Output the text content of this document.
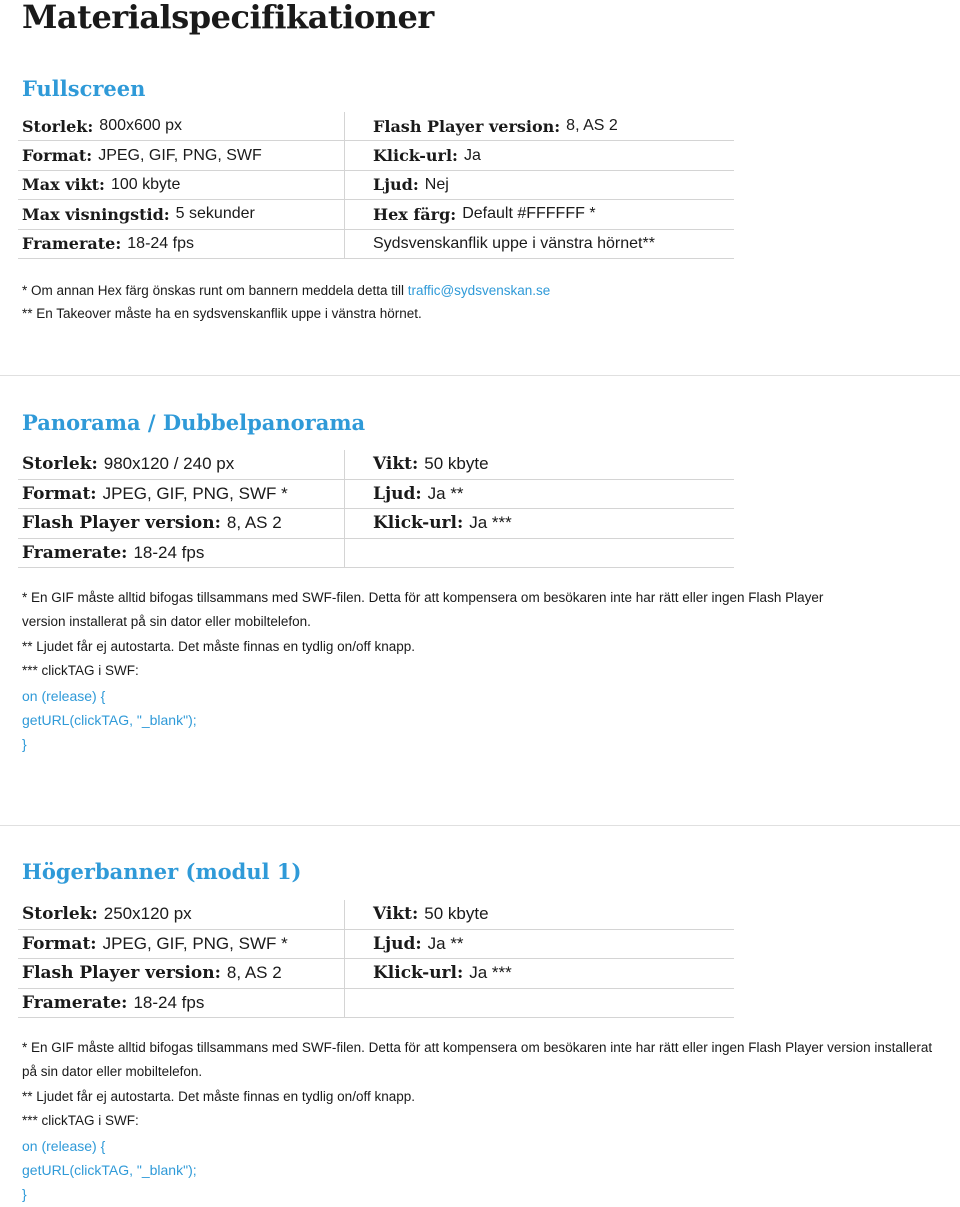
Materialspecifikationer
Fullscreen
Storlek: 800x600 px	Flash Player version: 8, AS 2
Format: JPEG, GIF, PNG, SWF	Klick-url: Ja
Max vikt: 100 kbyte	Ljud: Nej
Max visningstid: 5 sekunder	Hex färg: Default #FFFFFF *
Framerate: 18-24 fps	Sydsvenskanflik uppe i vänstra hörnet**

* Om annan Hex färg önskas runt om bannern meddela detta till traffic@sydsvenskan.se

** En Takeover måste ha en sydsvenskanflik uppe i vänstra hörnet.

Panorama / Dubbelpanorama
Storlek: 980x120 / 240 px	Vikt: 50 kbyte
Format: JPEG, GIF, PNG, SWF *	Ljud: Ja **
Flash Player version: 8, AS 2	Klick-url: Ja ***
Framerate: 18-24 fps

* En GIF måste alltid bifogas tillsammans med SWF-filen. Detta för att kompensera om besökaren inte har rätt eller ingen Flash Player

version installerat på sin dator eller mobiltelefon.

** Ljudet får ej autostarta. Det måste finnas en tydlig on/off knapp.

*** clickTAG i SWF:

on (release) {

getURL(clickTAG, "_blank");

}

Högerbanner (modul 1)
Storlek: 250x120 px	Vikt: 50 kbyte
Format: JPEG, GIF, PNG, SWF *	Ljud: Ja **
Flash Player version: 8, AS 2	Klick-url: Ja ***
Framerate: 18-24 fps

* En GIF måste alltid bifogas tillsammans med SWF-filen. Detta för att kompensera om besökaren inte har rätt eller ingen Flash Player version installerat

på sin dator eller mobiltelefon.

** Ljudet får ej autostarta. Det måste finnas en tydlig on/off knapp.

*** clickTAG i SWF:

on (release) {

getURL(clickTAG, "_blank");

}
